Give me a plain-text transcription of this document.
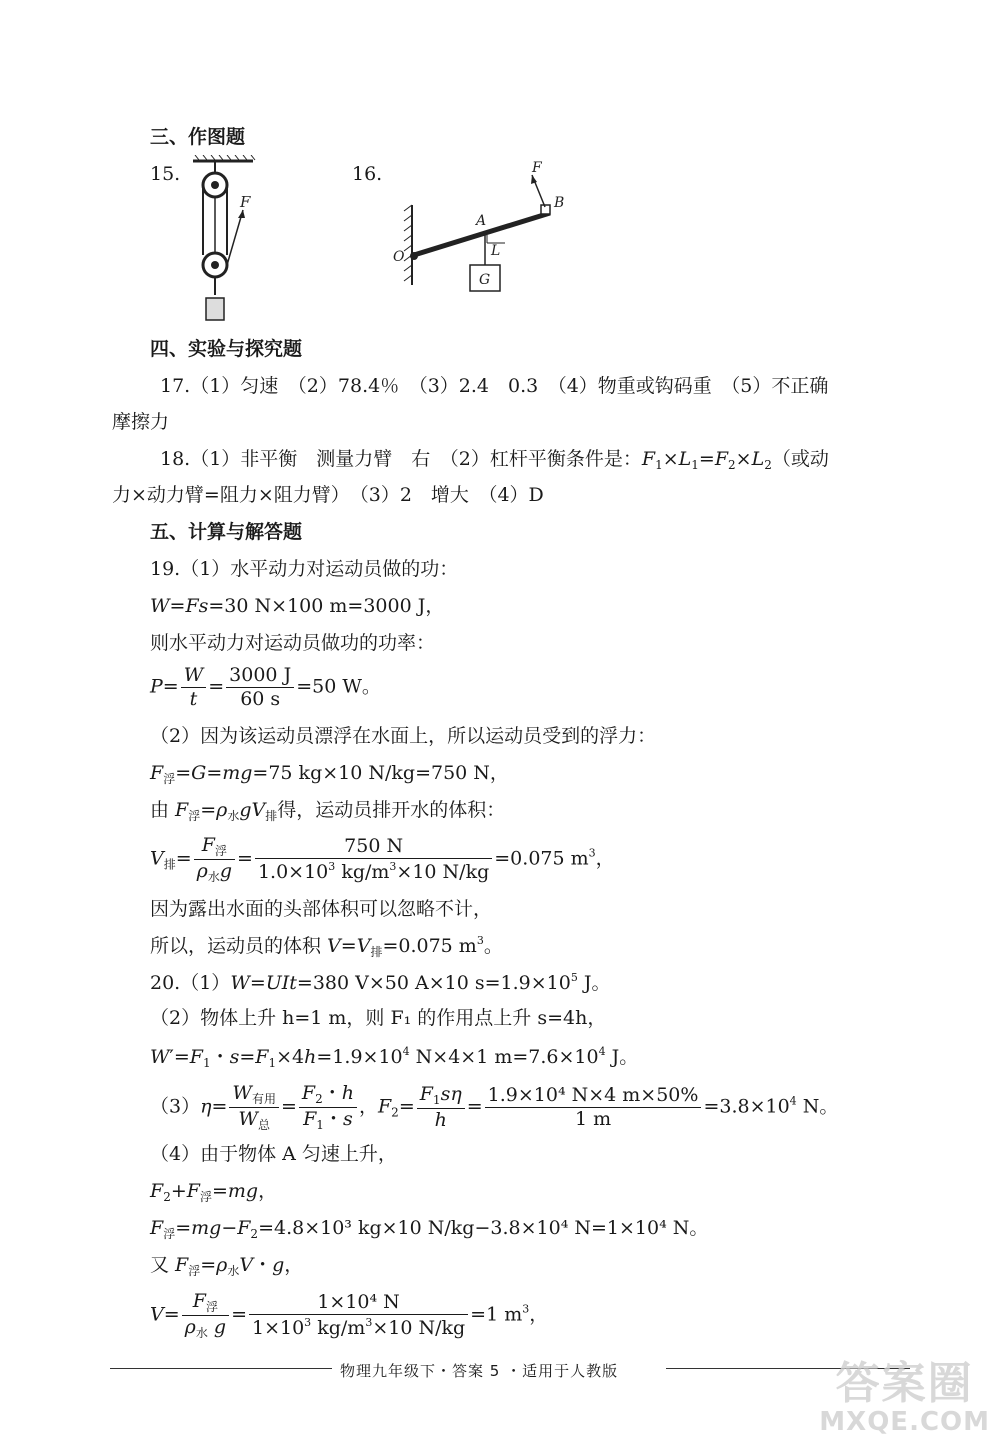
三、作图题
15.	16.
F
F
B
A
L
O
G
四、实验与探究题
17.（1）匀速　（2）78.4％　（3）2.4　0.3　（4）物重或钩码重　（5）不正确
摩擦力
18.（1）非平衡　测量力臂　右　（2）杠杆平衡条件是：$F_1\times L_1=F_2\times L_2$（或动
力×动力臂=阻力×阻力臂）　（3）2　增大　（4）D
五、计算与解答题
19.（1）水平动力对运动员做的功：
W=Fs=30 N×100 m=3000 J，
则水平动力对运动员做功的功率：
$P= \frac{W}{t} = \frac{3000 J}{60 s} =50$ W。
（2）因为该运动员漂浮在水面上，所以运动员受到的浮力：
$F_浮=G=mg=75$ kg×10 N/kg=750 N，
由 $F_浮=\rho_水gV_排$得，运动员排开水的体积：
$V_排= \frac{F_浮}{\rho_水g} = \frac{750 N}{1.0\times 10^3 kg/m^3\times 10 N/kg} =0.075$ $m^3$，
因为露出水面的头部体积可以忽略不计，
所以，运动员的体积 $V=V_排=0.075$ $m^3$。
20.（1）W=UIt=380 V×50 A×10 $s=1.9\times 10^5$ J。
（2）物体上升 h=1 m，则 F₁ 的作用点上升 s=4h，
$W'=F_1$・$s=F_1\times 4h=1.9\times 10^4$ N×4×1 $m=7.6\times 10^4$ J。
$(3)\eta= \frac{W_{有用}}{W_总} = \frac{F_2・h}{F_1・s}$ ，$F_2= \frac{F_1s\eta}{h} = \frac{\text{1.9×10⁴ N×4 m×50\%}}{1 m} =3.8\times 10^4$ N。
（4）由于物体 A 匀速上升，
$F_2+F_浮=mg$，
$F_浮=mg-F_2=4.8\times 10^3$ kg×10 N/kg−3.8×10⁴ N=1×10⁴ N。
又 $F_浮=\rho_水V$・g，
$V= \frac{F_浮}{\rho_水 g} = \frac{\text{1×10⁴ N}}{1\times 10^3 kg/m^3\times 10 N/kg} =1$ $m^3$，
物理九年级下・答案 5 ・适用于人教版	答案圈
MXQE.COM
